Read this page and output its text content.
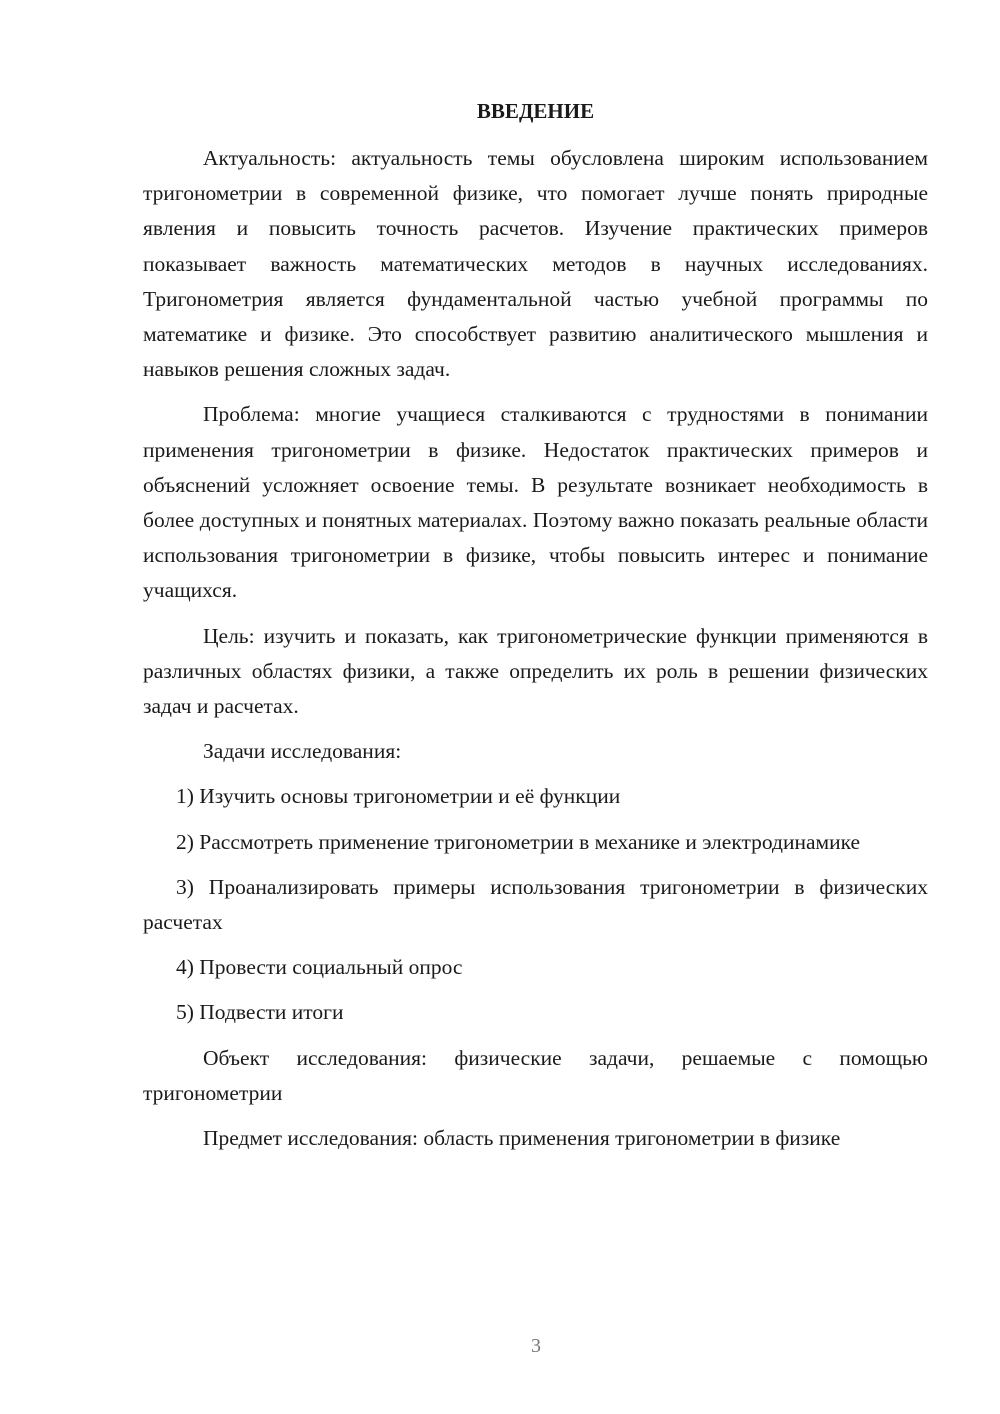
ВВЕДЕНИЕ

Актуальность: актуальность темы обусловлена широким использованием тригонометрии в современной физике, что помогает лучше понять природные явления и повысить точность расчетов. Изучение практических примеров показывает важность математических методов в научных исследованиях. Тригонометрия является фундаментальной частью учебной программы по математике и физике. Это способствует развитию аналитического мышления и навыков решения сложных задач.

Проблема: многие учащиеся сталкиваются с трудностями в понимании применения тригонометрии в физике. Недостаток практических примеров и объяснений усложняет освоение темы. В результате возникает необходимость в более доступных и понятных материалах. Поэтому важно показать реальные области использования тригонометрии в физике, чтобы повысить интерес и понимание учащихся.

Цель: изучить и показать, как тригонометрические функции применяются в различных областях физики, а также определить их роль в решении физических задач и расчетах.

Задачи исследования:

1) Изучить основы тригонометрии и её функции

2) Рассмотреть применение тригонометрии в механике и электродинамике

3) Проанализировать примеры использования тригонометрии в физических расчетах

4) Провести социальный опрос

5) Подвести итоги

Объект исследования: физические задачи, решаемые с помощью тригонометрии

Предмет исследования: область применения тригонометрии в физике

3
